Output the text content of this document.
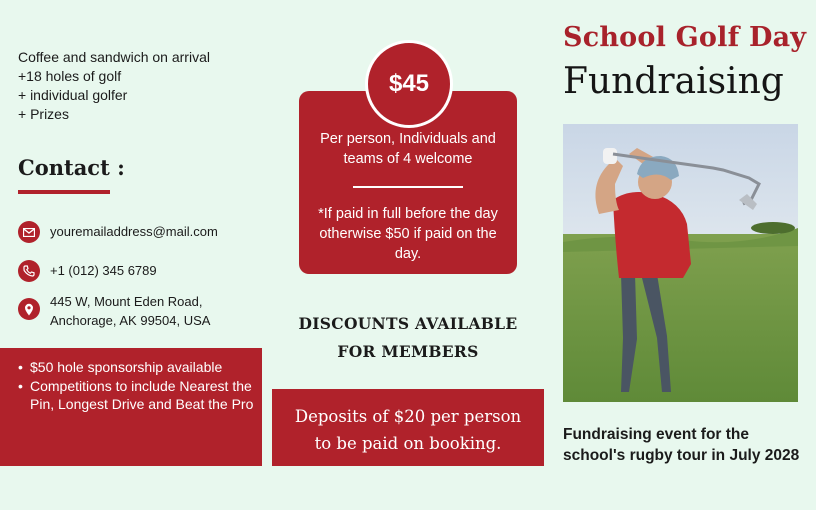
Coffee and sandwich on arrival
+18 holes of golf
+ individual golfer
+ Prizes
Contact :
youremailaddress@mail.com
+1 (012) 345 6789
445 W, Mount Eden Road,
Anchorage, AK 99504, USA
• $50 hole sponsorship available
• Competitions to include Nearest the Pin, Longest Drive and Beat the Pro
Per person, Individuals and teams of 4 welcome
*If paid in full before the day otherwise $50 if paid on the day.
$45
DISCOUNTS AVAILABLE
FOR MEMBERS
Deposits of $20 per person
to be paid on booking.
School Golf Day
Fundraising
Fundraising event for the school's rugby tour in July 2028
